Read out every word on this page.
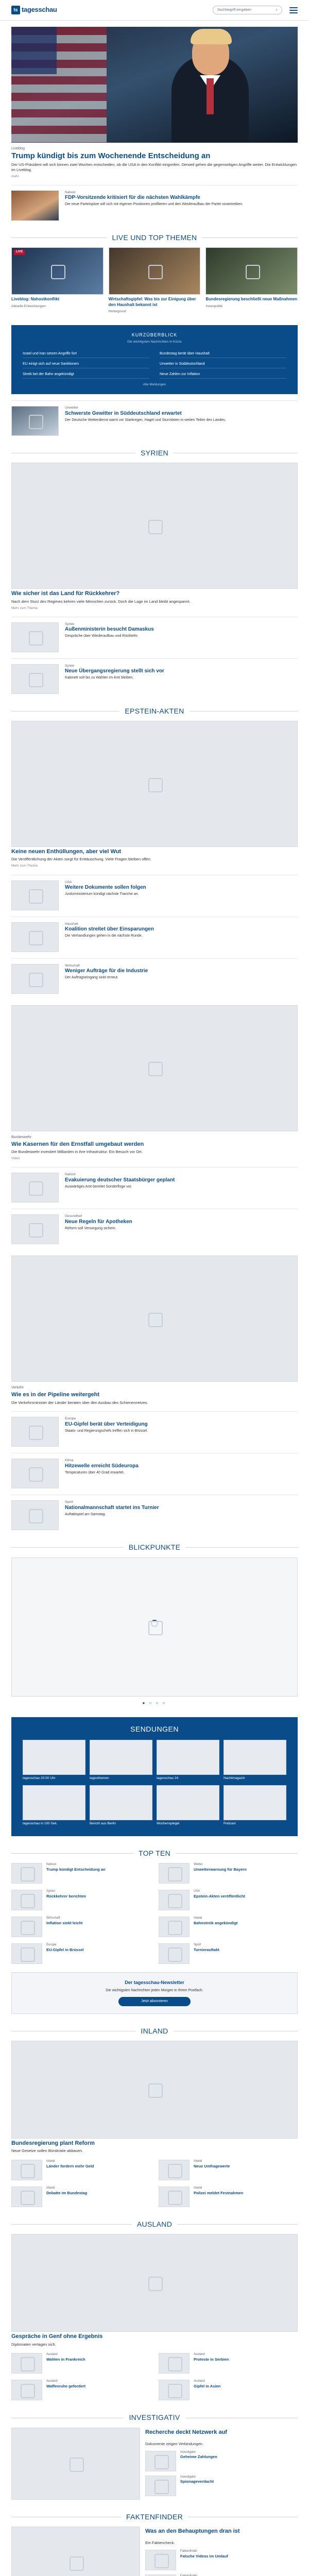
ts tagesschau	Suchbegriff eingeben	⌕
Liveblog
Trump kündigt bis zum Wochenende Entscheidung an
Der US-Präsident will sich binnen zwei Wochen entscheiden, ob die USA in den Konflikt eingreifen. Derweil gehen die gegenseitigen Angriffe weiter. Die Entwicklungen im Liveblog.
mehr
Nahost
FDP-Vorsitzende kritisiert für die nächsten Wahlkämpfe
Die neue Parteispitze will sich mit eigenen Positionen profilieren und den Wiederaufbau der Partei vorantreiben.
LIVE UND TOP THEMEN
LIVE
Liveblog: Nahostkonflikt
Aktuelle Entwicklungen
Wirtschaftsgipfel: Was bis zur Einigung über den Haushalt bekannt ist
Hintergrund
Bundesregierung beschließt neue Maßnahmen
Innenpolitik
KURZÜBERBLICK
Die wichtigsten Nachrichten in Kürze
Israel und Iran setzen Angriffe fort	Bundestag berät über Haushalt
EU einigt sich auf neue Sanktionen	Unwetter in Süddeutschland
Streik bei der Bahn angekündigt	Neue Zahlen zur Inflation
Alle Meldungen
Unwetter
Schwerste Gewitter in Süddeutschland erwartet
Der Deutsche Wetterdienst warnt vor Starkregen, Hagel und Sturmböen in weiten Teilen des Landes.
SYRIEN
Wie sicher ist das Land für Rückkehrer?
Nach dem Sturz des Regimes kehren viele Menschen zurück. Doch die Lage im Land bleibt angespannt.
Mehr zum Thema
Syrien
Außenministerin besucht Damaskus
Gespräche über Wiederaufbau und Rückkehr.
Syrien
Neue Übergangsregierung stellt sich vor
Kabinett soll bis zu Wahlen im Amt bleiben.
EPSTEIN-AKTEN
Keine neuen Enthüllungen, aber viel Wut
Die Veröffentlichung der Akten sorgt für Enttäuschung. Viele Fragen bleiben offen.
Mehr zum Thema
USA
Weitere Dokumente sollen folgen
Justizministerium kündigt nächste Tranche an.
Haushalt
Koalition streitet über Einsparungen
Die Verhandlungen gehen in die nächste Runde.
Wirtschaft
Weniger Aufträge für die Industrie
Der Auftragseingang sinkt erneut.
Bundeswehr
Wie Kasernen für den Ernstfall umgebaut werden
Die Bundeswehr investiert Milliarden in ihre Infrastruktur. Ein Besuch vor Ort.
Video
Nahost
Evakuierung deutscher Staatsbürger geplant
Auswärtiges Amt bereitet Sonderflüge vor.
Gesundheit
Neue Regeln für Apotheken
Reform soll Versorgung sichern.
Verkehr
Wie es in der Pipeline weitergeht
Die Verkehrsminister der Länder beraten über den Ausbau des Schienennetzes.
Europa
EU-Gipfel berät über Verteidigung
Staats- und Regierungschefs treffen sich in Brüssel.
Klima
Hitzewelle erreicht Südeuropa
Temperaturen über 40 Grad erwartet.
Sport
Nationalmannschaft startet ins Turnier
Auftaktspiel am Samstag.
BLICKPUNKTE
● ○ ○ ○
SENDUNGEN
tagesschau 20:00 Uhr	tagesthemen	tagesschau 24	Nachtmagazin
tagesschau in 100 Sek.	Bericht aus Berlin	Wochenspiegel	Podcast
TOP TEN
Nahost
Trump kündigt Entscheidung an
Wetter
Unwetterwarnung für Bayern
Syrien
Rückkehrer berichten
USA
Epstein-Akten veröffentlicht
Wirtschaft
Inflation sinkt leicht
Inland
Bahnstreik angekündigt
Europa
EU-Gipfel in Brüssel
Sport
Turnierauftakt
Der tagesschau-Newsletter
Die wichtigsten Nachrichten jeden Morgen in Ihrem Postfach.
Jetzt abonnieren
INLAND
Bundesregierung plant Reform
Neue Gesetze sollen Bürokratie abbauen.
Inland
Länder fordern mehr Geld
Inland
Neue Umfragewerte
Inland
Debatte im Bundestag
Inland
Polizei meldet Festnahmen
AUSLAND
Gespräche in Genf ohne Ergebnis
Diplomaten vertagen sich.
Ausland
Wahlen in Frankreich
Ausland
Proteste in Serbien
Ausland
Waffenruhe gefordert
Ausland
Gipfel in Asien
INVESTIGATIV
Recherche deckt Netzwerk auf
Dokumente zeigen Verbindungen.
Investigativ
Geheime Zahlungen
Investigativ
Spionageverdacht
FAKTENFINDER
Was an den Behauptungen dran ist
Ein Faktencheck.
Faktenfinder
Falsche Videos im Umlauf
Faktenfinder
